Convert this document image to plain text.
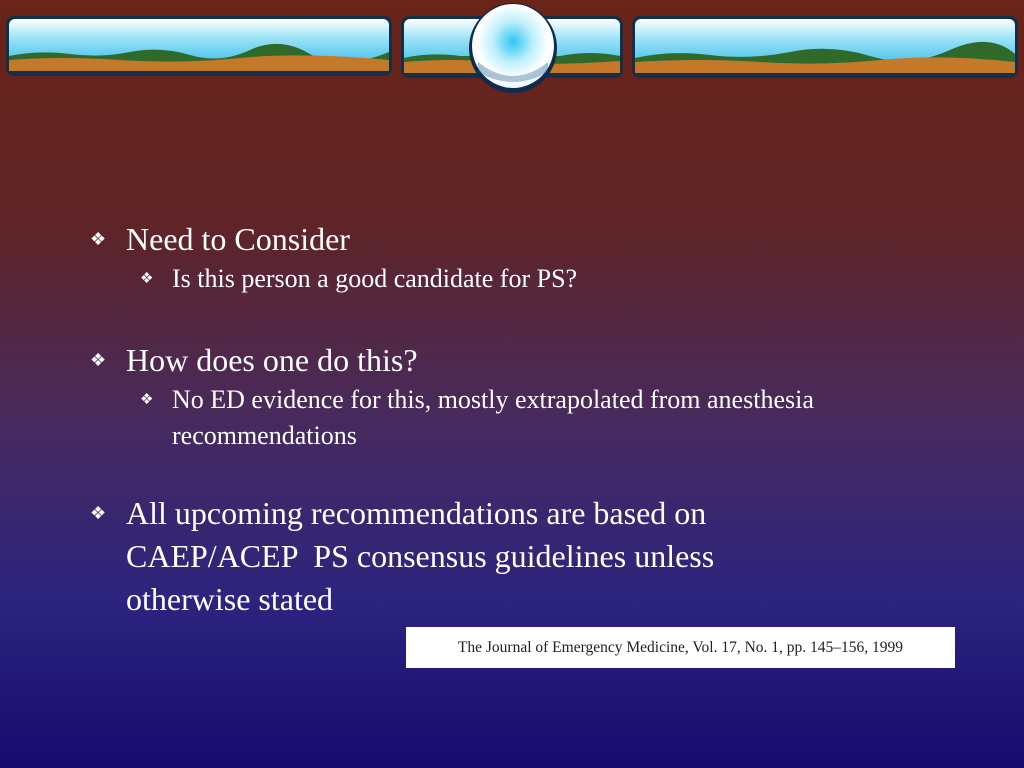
❖ Need to Consider
❖ Is this person a good candidate for PS?
❖ How does one do this?
❖ No ED evidence for this, mostly extrapolated from anesthesia recommendations
❖ All upcoming recommendations are based on
CAEP/ACEP  PS consensus guidelines unless
otherwise stated
The Journal of Emergency Medicine, Vol. 17, No. 1, pp. 145–156, 1999
